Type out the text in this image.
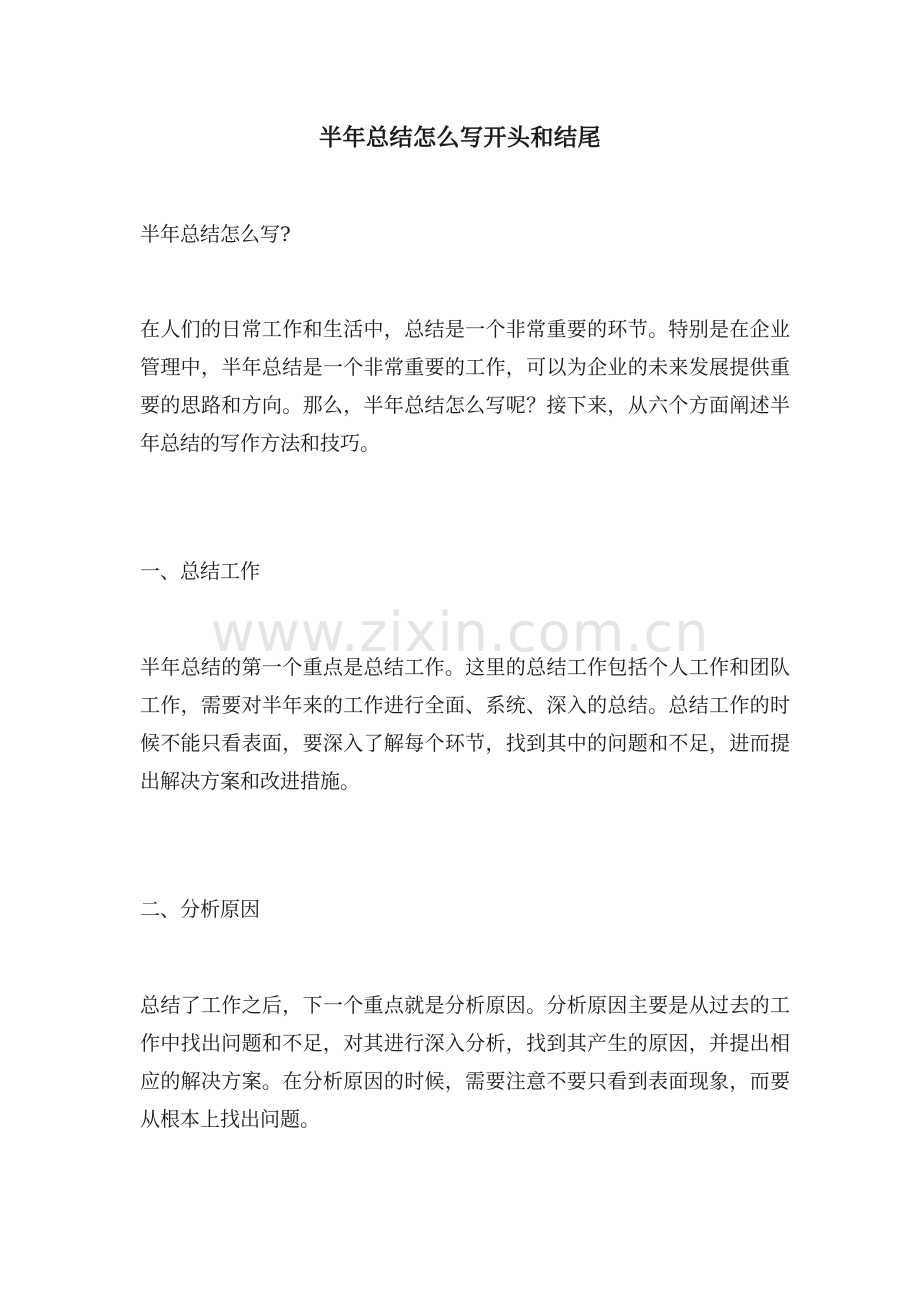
半年总结怎么写开头和结尾

半年总结怎么写?

在人们的日常工作和生活中，总结是一个非常重要的环节。特别是在企业管理中，半年总结是一个非常重要的工作，可以为企业的未来发展提供重要的思路和方向。那么，半年总结怎么写呢？接下来，从六个方面阐述半年总结的写作方法和技巧。

一、总结工作

半年总结的第一个重点是总结工作。这里的总结工作包括个人工作和团队工作，需要对半年来的工作进行全面、系统、深入的总结。总结工作的时候不能只看表面，要深入了解每个环节，找到其中的问题和不足，进而提出解决方案和改进措施。

二、分析原因

总结了工作之后，下一个重点就是分析原因。分析原因主要是从过去的工作中找出问题和不足，对其进行深入分析，找到其产生的原因，并提出相应的解决方案。在分析原因的时候，需要注意不要只看到表面现象，而要从根本上找出问题。

www.zixin.com.cn
